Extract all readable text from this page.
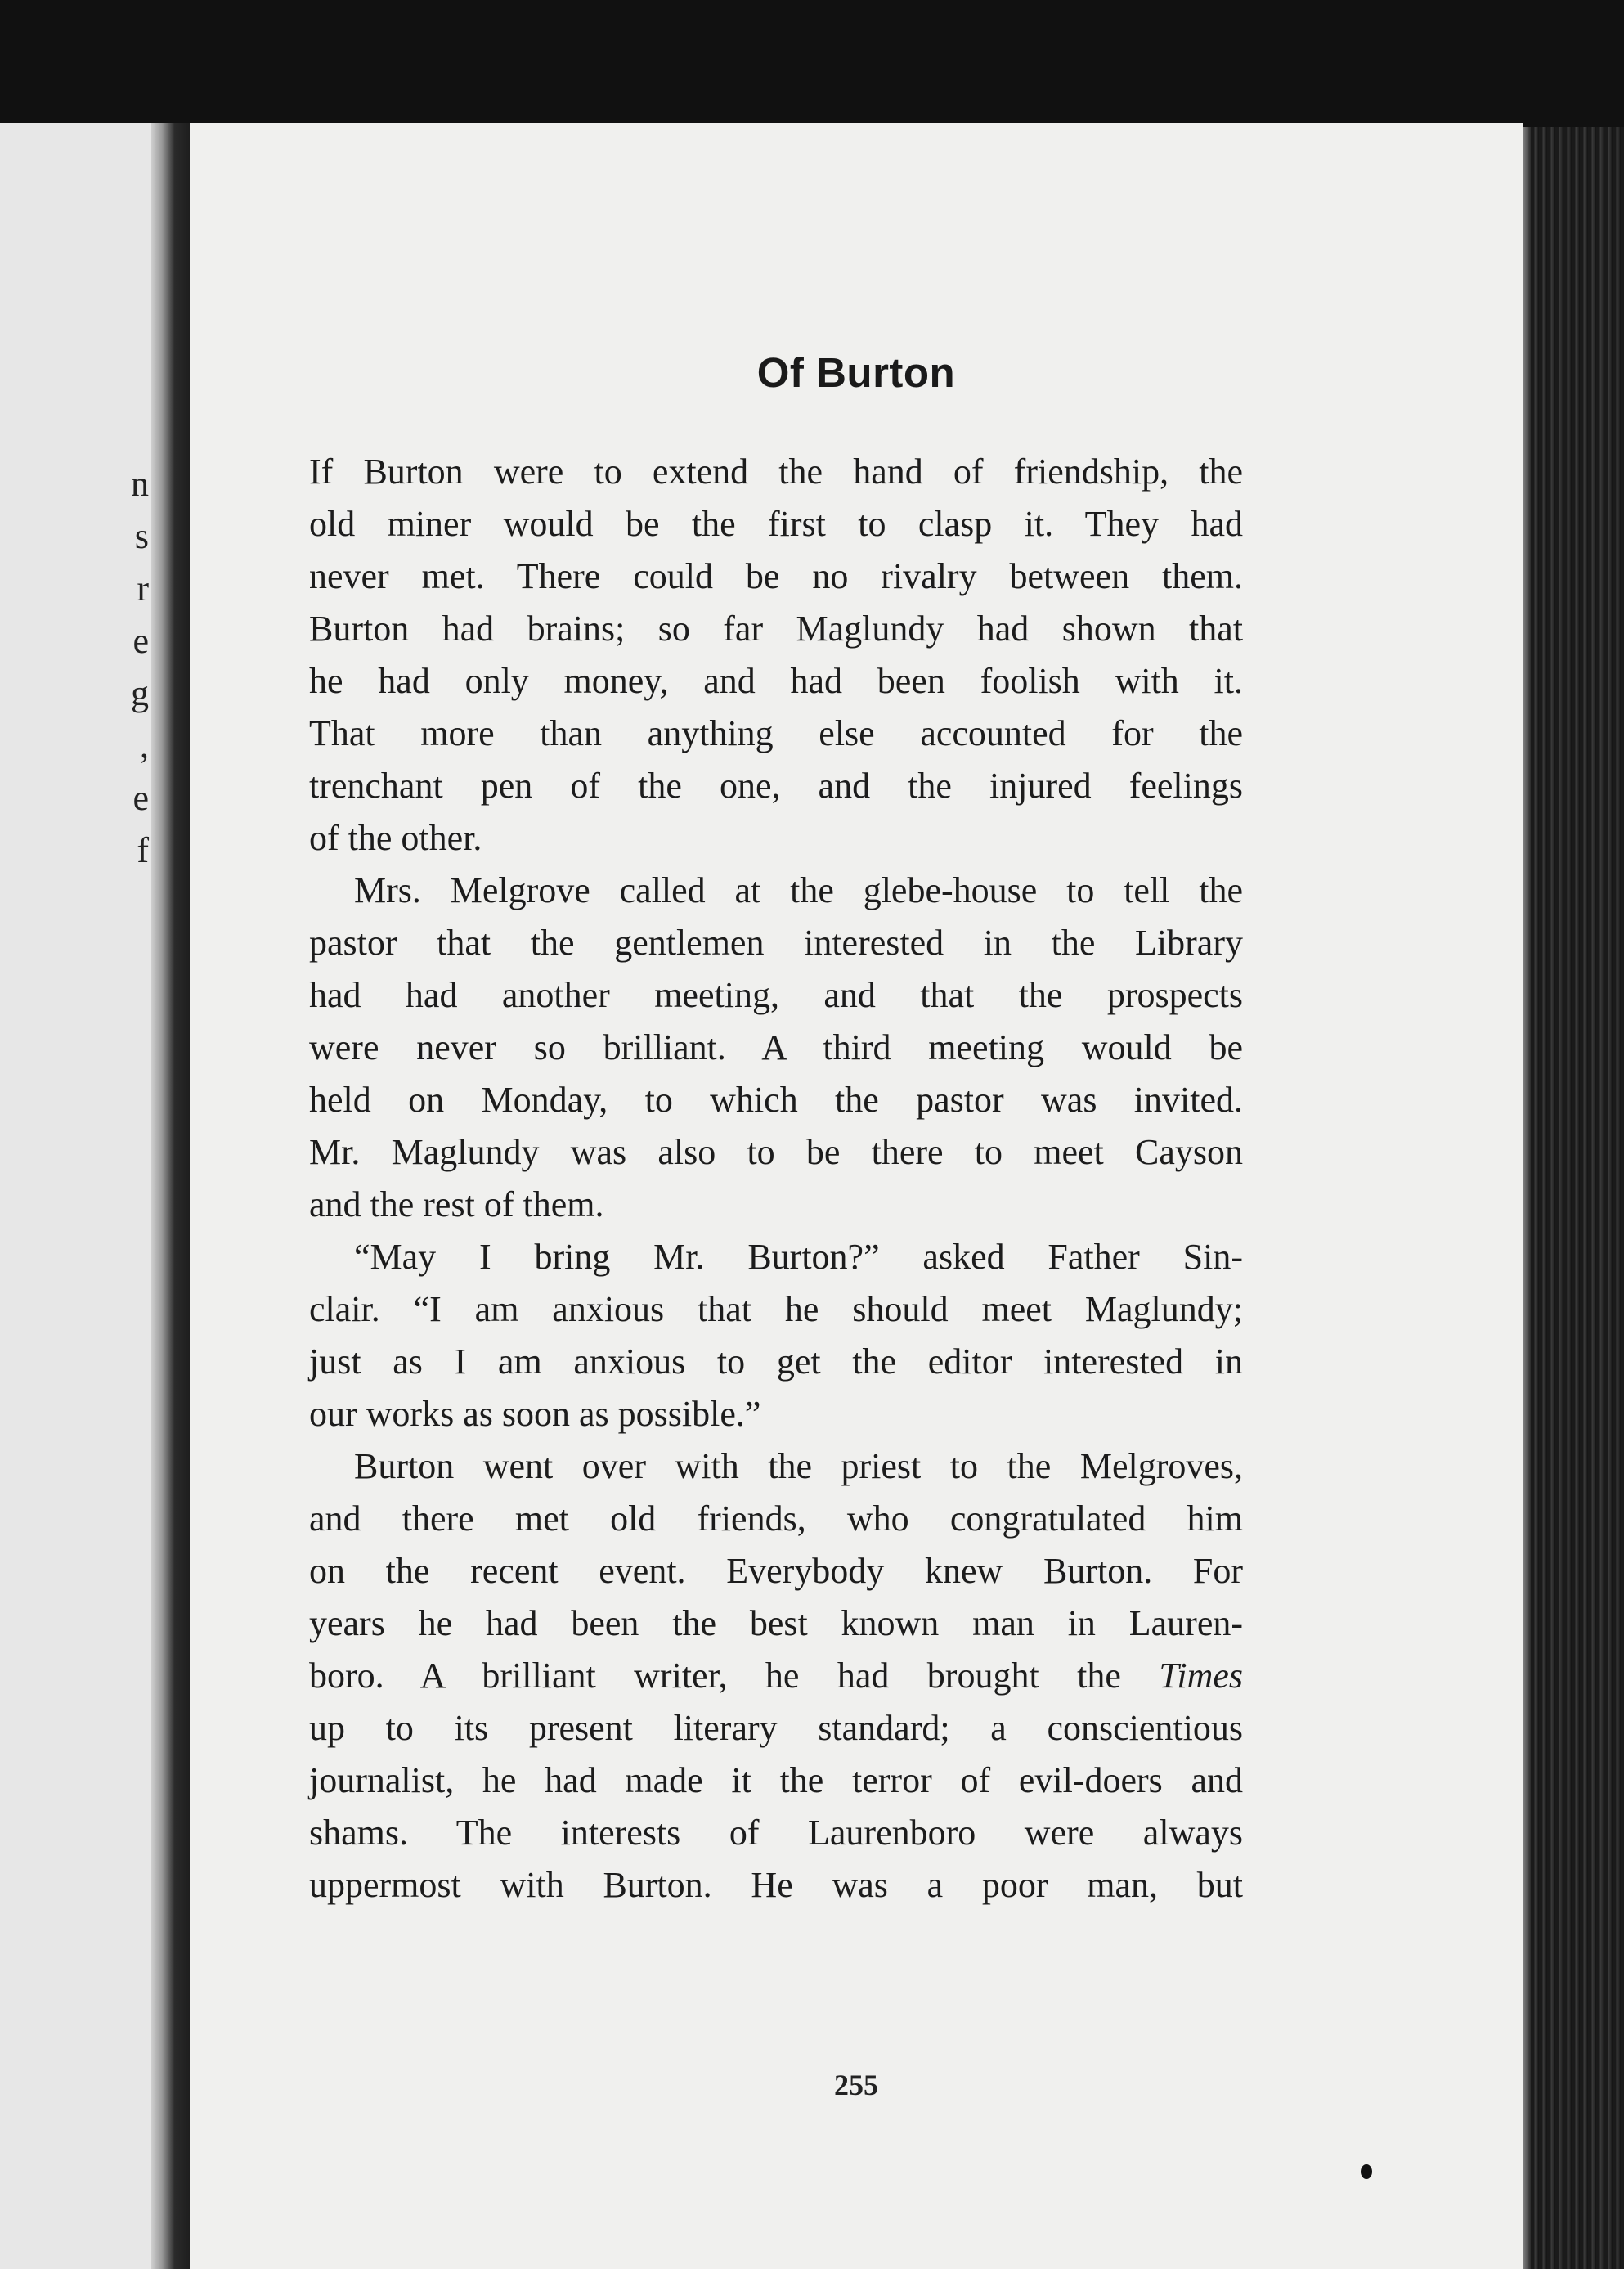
n
s
r
e
g
,
e
f
Of Burton
If Burton were to extend the hand of friendship, the
old miner would be the first to clasp it. They had
never met. There could be no rivalry between them.
Burton had brains; so far Maglundy had shown that
he had only money, and had been foolish with it.
That more than anything else accounted for the
trenchant pen of the one, and the injured feelings
of the other.
Mrs. Melgrove called at the glebe-house to tell the
pastor that the gentlemen interested in the Library
had had another meeting, and that the prospects
were never so brilliant. A third meeting would be
held on Monday, to which the pastor was invited.
Mr. Maglundy was also to be there to meet Cayson
and the rest of them.
“May I bring Mr. Burton?” asked Father Sin-
clair. “I am anxious that he should meet Maglundy;
just as I am anxious to get the editor interested in
our works as soon as possible.”
Burton went over with the priest to the Melgroves,
and there met old friends, who congratulated him
on the recent event. Everybody knew Burton. For
years he had been the best known man in Lauren-
boro. A brilliant writer, he had brought the Times
up to its present literary standard; a conscientious
journalist, he had made it the terror of evil-doers and
shams. The interests of Laurenboro were always
uppermost with Burton. He was a poor man, but
255
